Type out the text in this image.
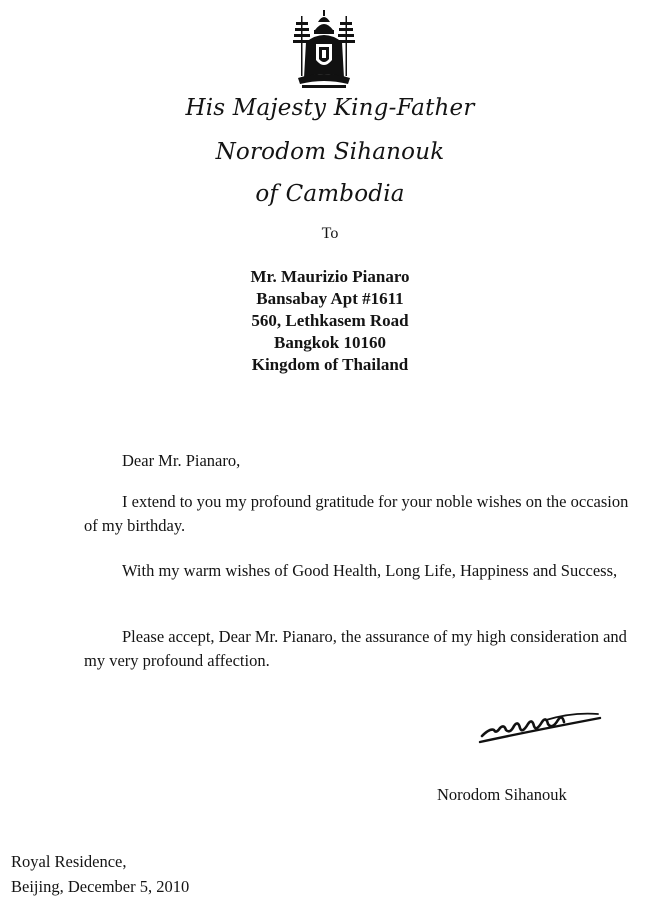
His Majesty King-Father
Norodom Sihanouk
of Cambodia
To
Mr. Maurizio Pianaro
Bansabay Apt #1611
560, Lethkasem Road
Bangkok 10160
Kingdom of Thailand
Dear Mr. Pianaro,
I extend to you my profound gratitude for your noble wishes on the occasion of my birthday.
With my warm wishes of Good Health, Long Life, Happiness and Success,
Please accept, Dear Mr. Pianaro, the assurance of my high consideration and my very profound affection.
Norodom Sihanouk
Royal Residence,
Beijing, December 5, 2010
